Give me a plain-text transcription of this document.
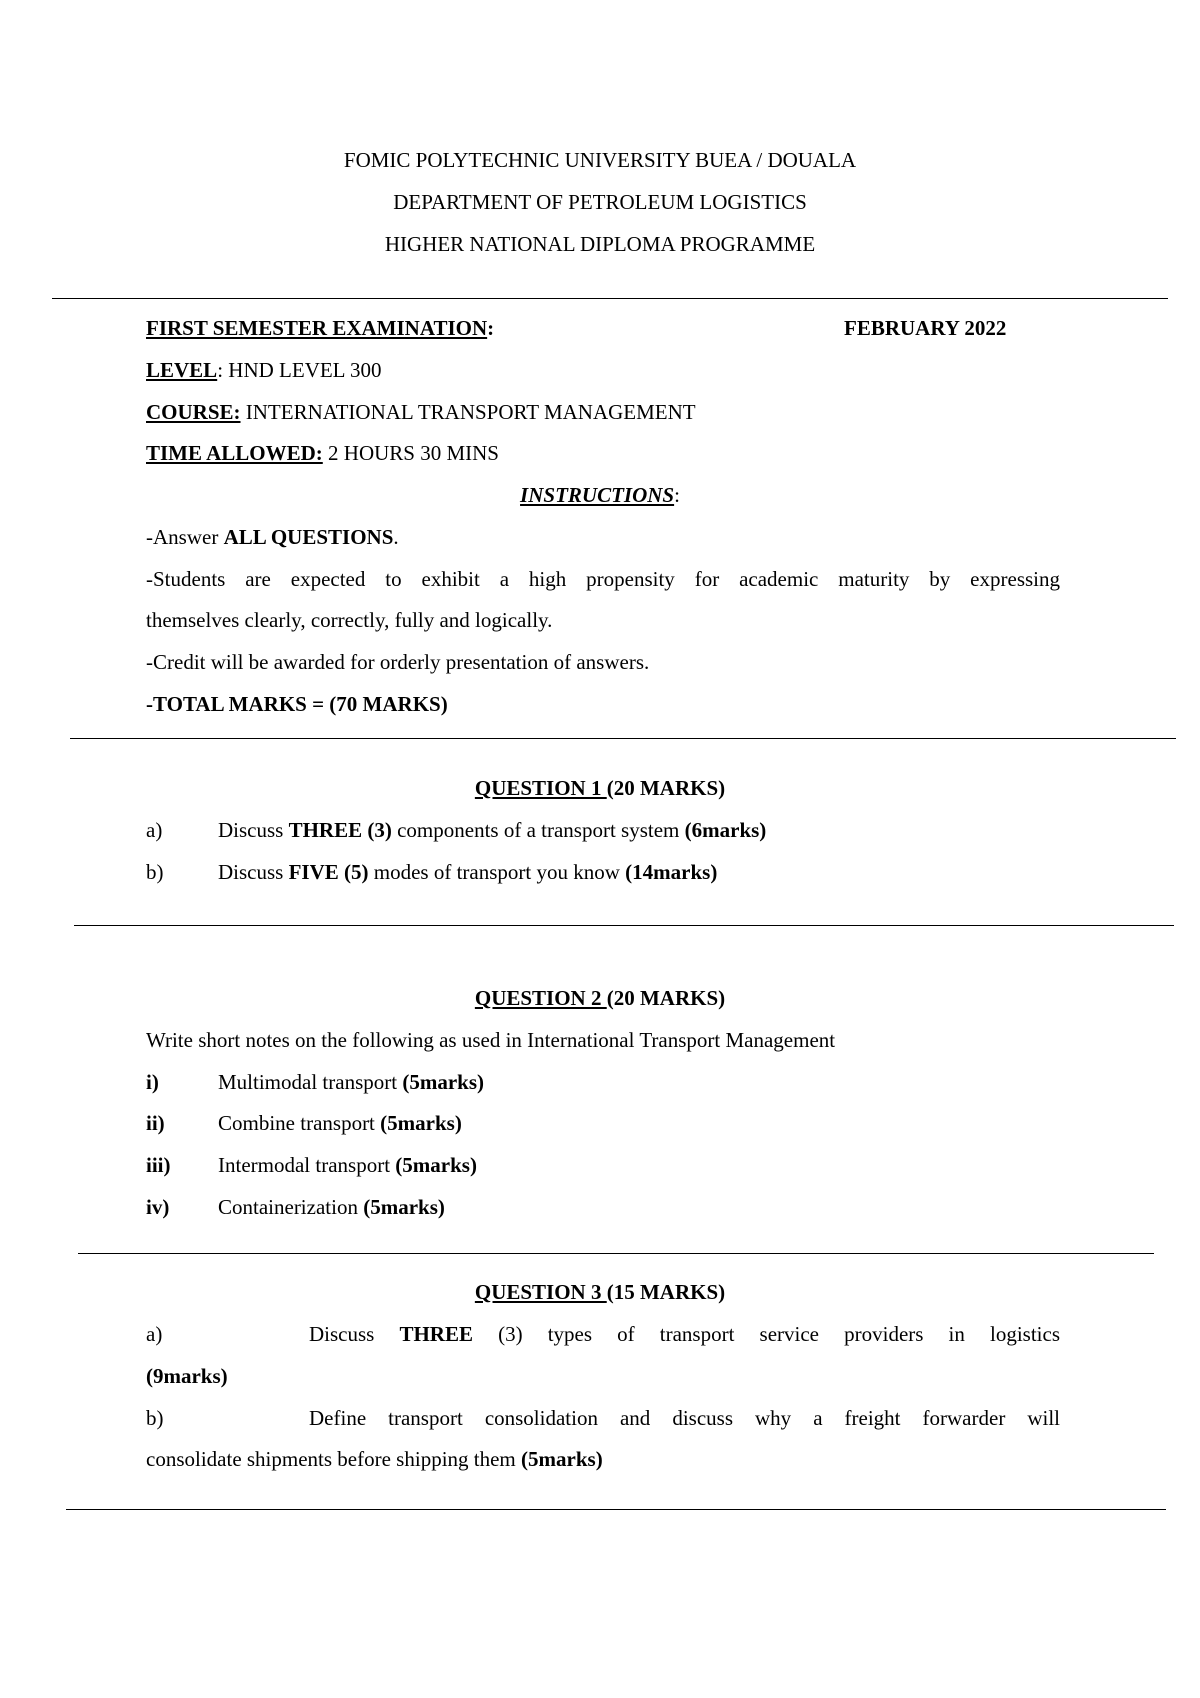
FOMIC POLYTECHNIC UNIVERSITY BUEA / DOUALA
DEPARTMENT OF PETROLEUM LOGISTICS
HIGHER NATIONAL DIPLOMA PROGRAMME
FIRST SEMESTER EXAMINATION:	FEBRUARY 2022
LEVEL: HND LEVEL 300
COURSE: INTERNATIONAL TRANSPORT MANAGEMENT
TIME ALLOWED: 2 HOURS 30 MINS
INSTRUCTIONS:
-Answer ALL QUESTIONS.
-Students are expected to exhibit a high propensity for academic maturity by expressing
themselves clearly, correctly, fully and logically.
-Credit will be awarded for orderly presentation of answers.
-TOTAL MARKS = (70 MARKS)
QUESTION 1 (20 MARKS)
a)	Discuss THREE (3) components of a transport system (6marks)
b)	Discuss FIVE (5) modes of transport you know (14marks)
QUESTION 2 (20 MARKS)
Write short notes on the following as used in International Transport Management
i)	Multimodal transport (5marks)
ii)	Combine transport (5marks)
iii) Intermodal transport (5marks)
iv) Containerization (5marks)
QUESTION 3 (15 MARKS)
a)	Discuss THREE (3) types of transport service providers in logistics
(9marks)
b)	Define transport consolidation and discuss why a freight forwarder will
consolidate shipments before shipping them (5marks)
